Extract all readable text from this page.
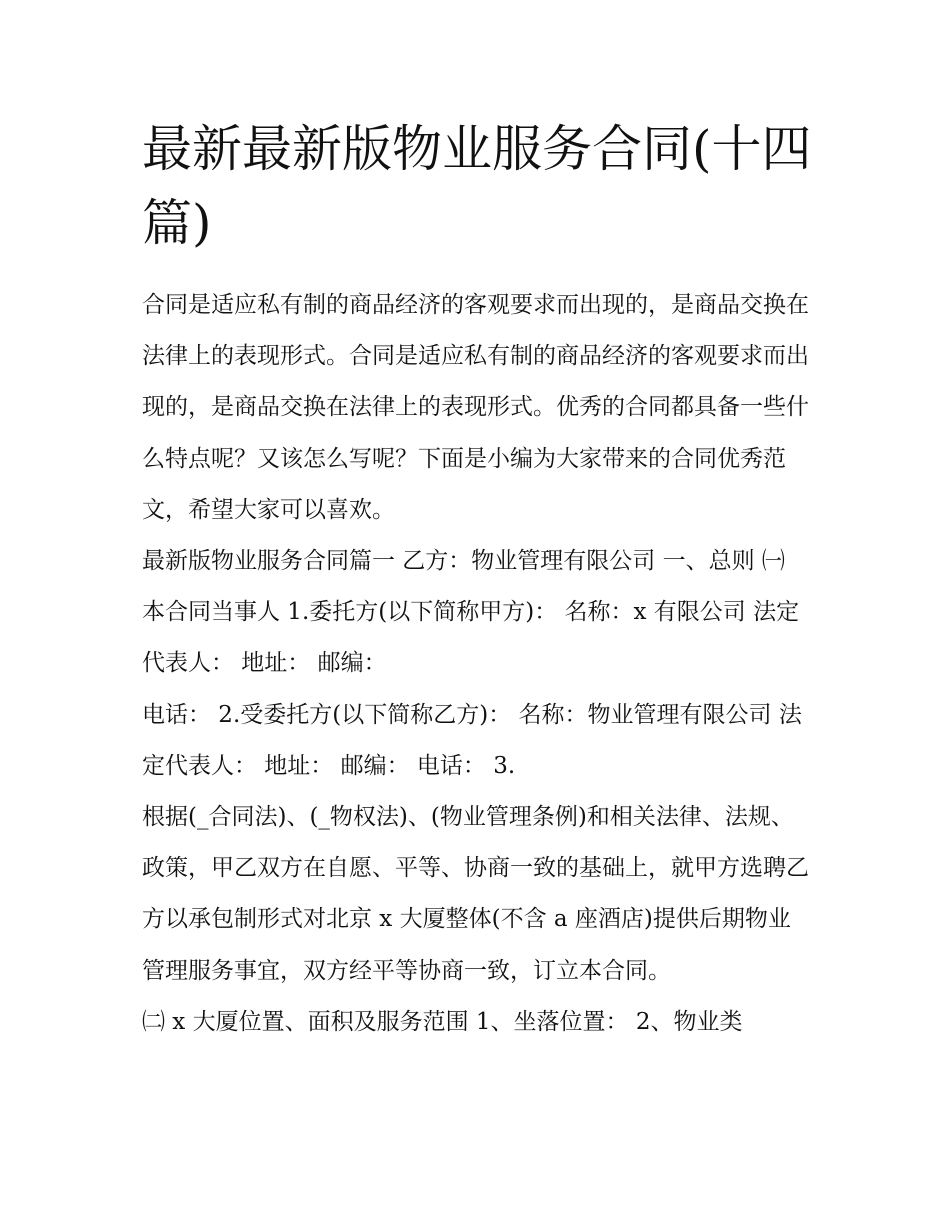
最新最新版物业服务合同(十四篇)

合同是适应私有制的商品经济的客观要求而出现的，是商品交换在法律上的表现形式。合同是适应私有制的商品经济的客观要求而出现的，是商品交换在法律上的表现形式。优秀的合同都具备一些什么特点呢？又该怎么写呢？下面是小编为大家带来的合同优秀范文，希望大家可以喜欢。

最新版物业服务合同篇一 乙方：物业管理有限公司 一、总则 ㈠ 本合同当事人 1.委托方(以下简称甲方)： 名称：x 有限公司 法定代表人： 地址： 邮编：

电话： 2.受委托方(以下简称乙方)： 名称：物业管理有限公司 法定代表人： 地址： 邮编： 电话： 3.

根据(_合同法)、(_物权法)、(物业管理条例)和相关法律、法规、政策，甲乙双方在自愿、平等、协商一致的基础上，就甲方选聘乙方以承包制形式对北京 x 大厦整体(不含 a 座酒店)提供后期物业管理服务事宜，双方经平等协商一致，订立本合同。

㈡ x 大厦位置、面积及服务范围 1、坐落位置： 2、物业类
